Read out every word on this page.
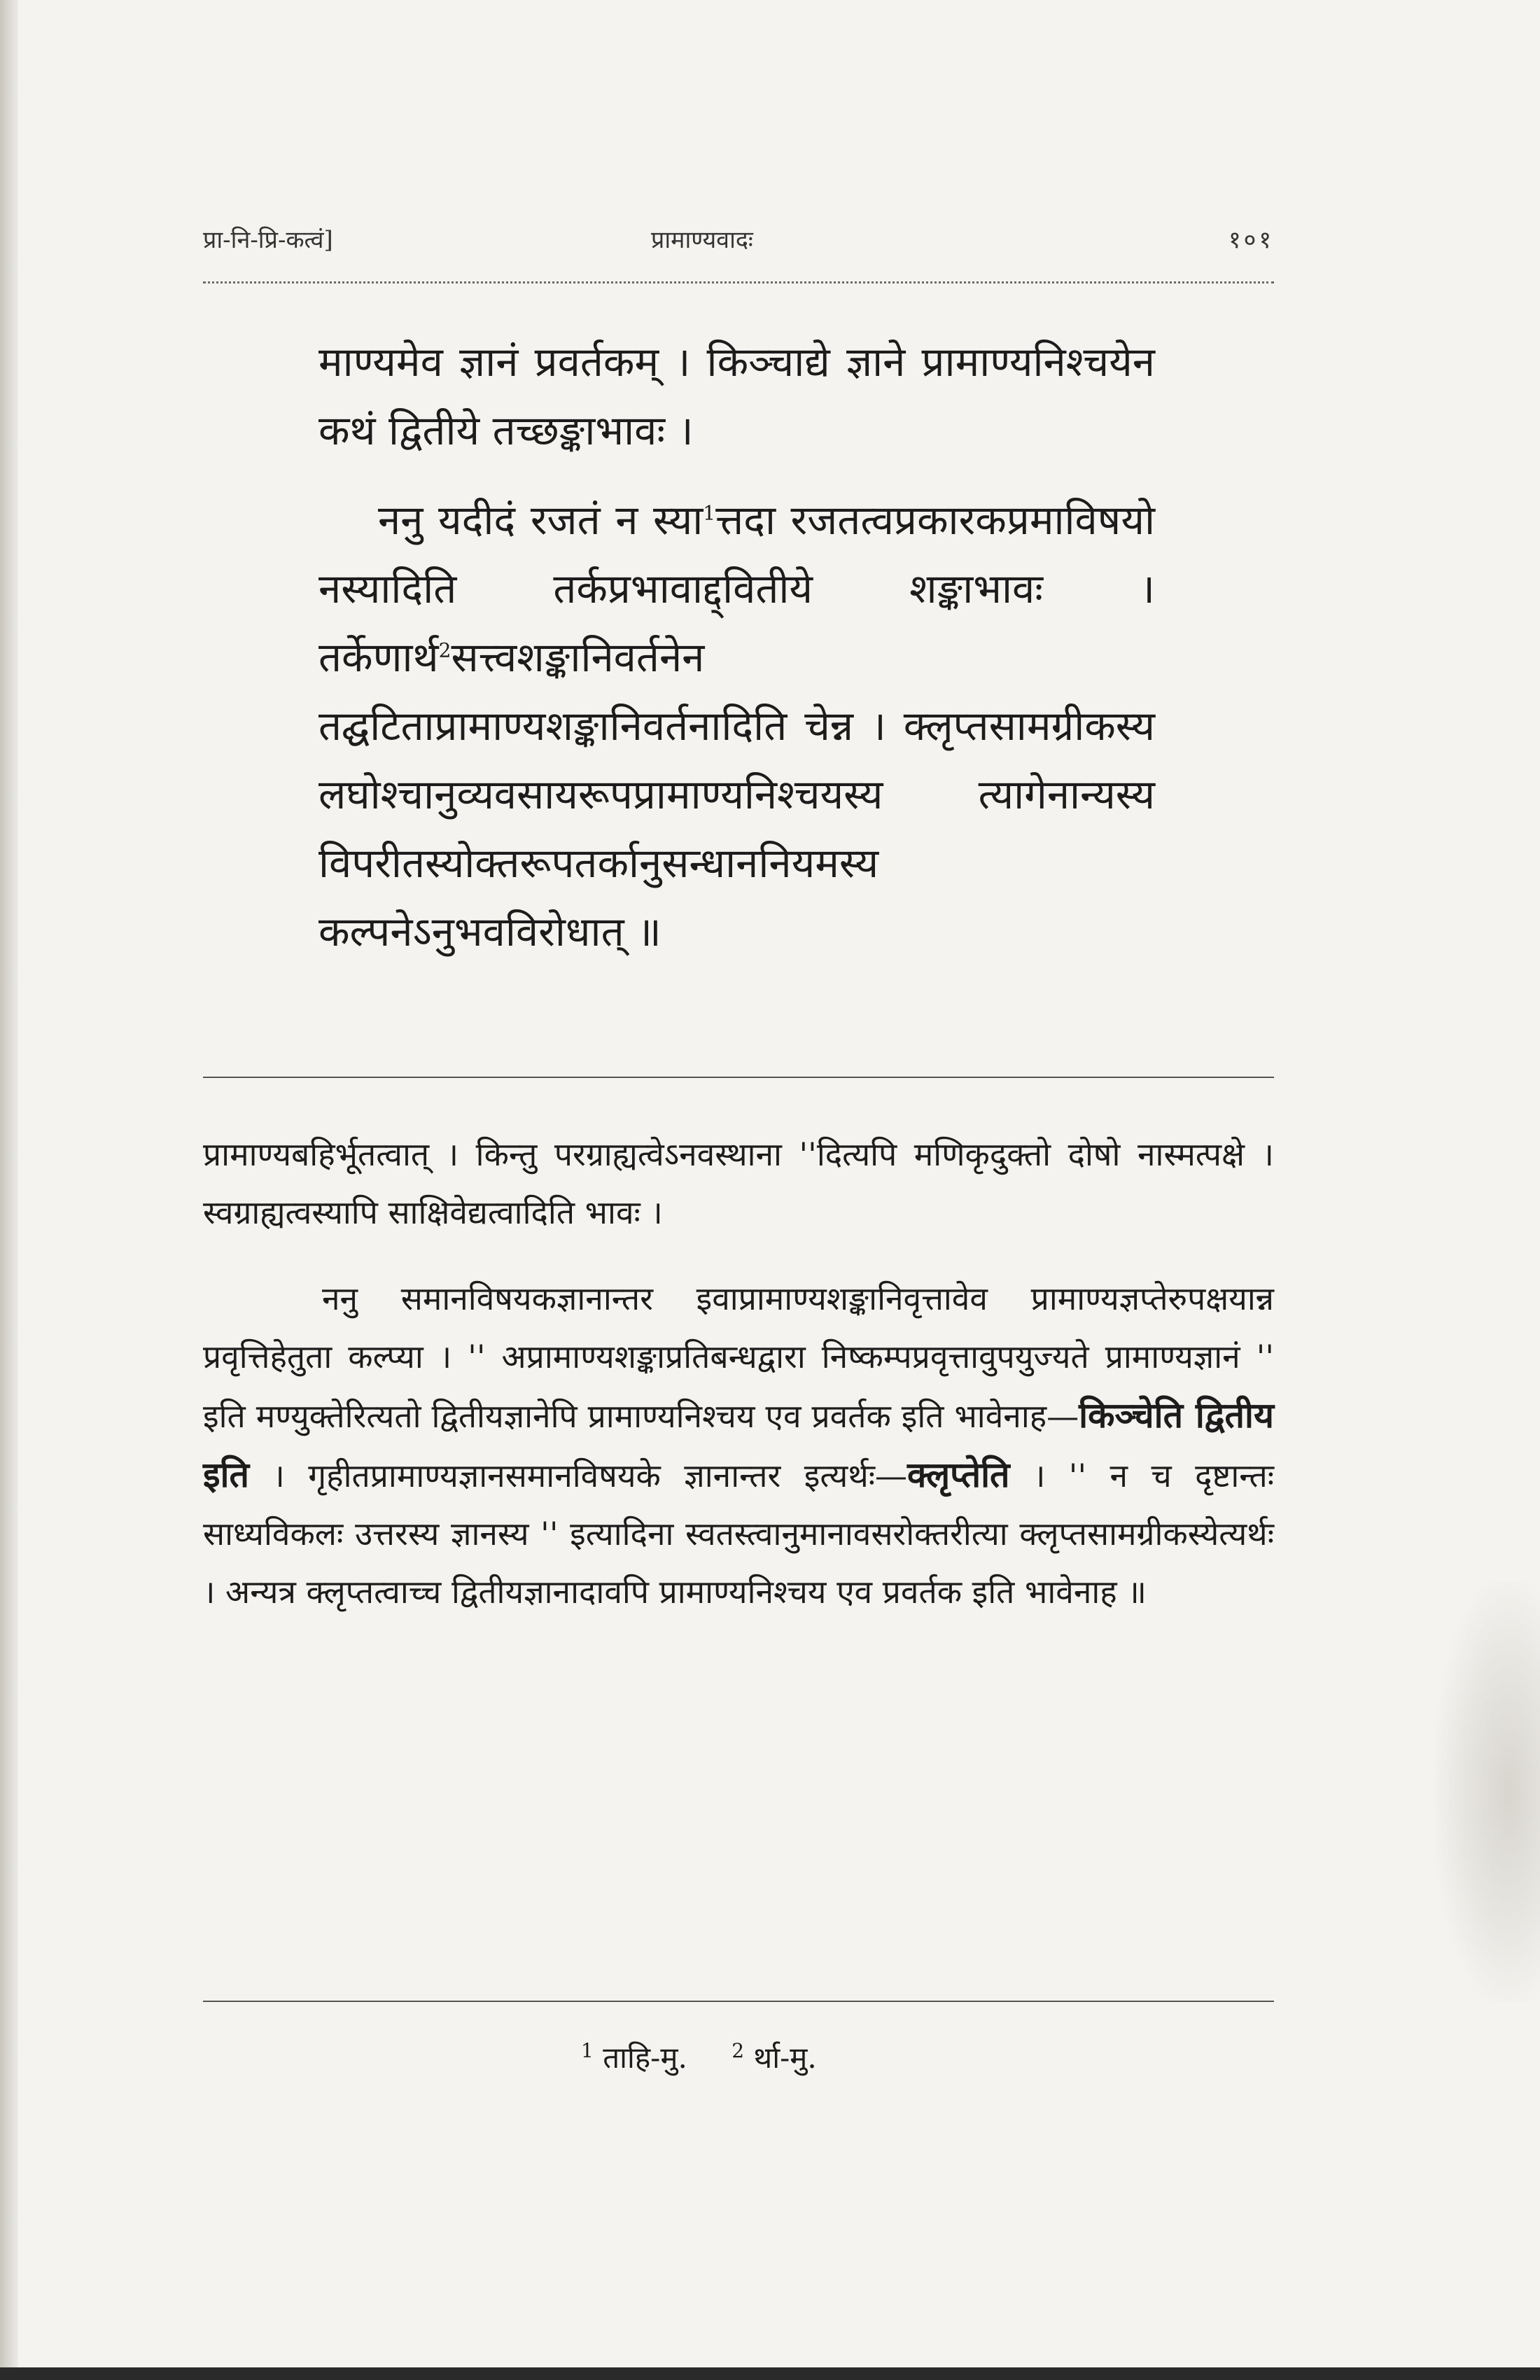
प्रा-नि-प्रि-कत्वं]	प्रामाण्यवादः	१०१

माण्यमेव ज्ञानं प्रवर्तकम् । किञ्चाद्ये ज्ञाने प्रामाण्यनिश्चयेन कथं द्वितीये तच्छङ्काभावः ।

ननु यदीदं रजतं न स्या$^1$त्तदा रजतत्वप्रकारकप्रमाविषयो नस्यादिति तर्कप्रभावाद्द्वितीये शङ्काभावः । तर्केणार्थ$^2$सत्त्वशङ्कानिवर्तनेन तद्घटिताप्रामाण्यशङ्कानिवर्तनादिति चेन्न । क्लृप्तसामग्रीकस्य लघोश्चानुव्यवसायरूपप्रामाण्यनिश्चयस्य त्यागेनान्यस्य विपरीतस्योक्तरूपतर्कानुसन्धाननियमस्य कल्पनेऽनुभवविरोधात् ॥

प्रामाण्यबहिर्भूतत्वात् । किन्तु परग्राह्यत्वेऽनवस्थाना ''दित्यपि मणिकृदुक्तो दोषो नास्मत्पक्षे । स्वग्राह्यत्वस्यापि साक्षिवेद्यत्वादिति भावः ।

ननु समानविषयकज्ञानान्तर इवाप्रामाण्यशङ्कानिवृत्तावेव प्रामाण्यज्ञप्तेरुपक्षयान्न प्रवृत्तिहेतुता कल्प्या । '' अप्रामाण्यशङ्काप्रतिबन्धद्वारा निष्कम्पप्रवृत्तावुपयुज्यते प्रामाण्यज्ञानं '' इति मण्युक्तेरित्यतो द्वितीयज्ञानेपि प्रामाण्यनिश्चय एव प्रवर्तक इति भावेनाह—किञ्चेति द्वितीय इति । गृहीतप्रामाण्यज्ञानसमानविषयके ज्ञानान्तर इत्यर्थः—क्लृप्तेति । '' न च दृष्टान्तः साध्यविकलः उत्तरस्य ज्ञानस्य '' इत्यादिना स्वतस्त्वानुमानावसरोक्तरीत्या क्लृप्तसामग्रीकस्येत्यर्थः । अन्यत्र क्लृप्तत्वाच्च द्वितीयज्ञानादावपि प्रामाण्यनिश्चय एव प्रवर्तक इति भावेनाह ॥

$^1$ ताहि-मु. $^2$ र्था-मु.
